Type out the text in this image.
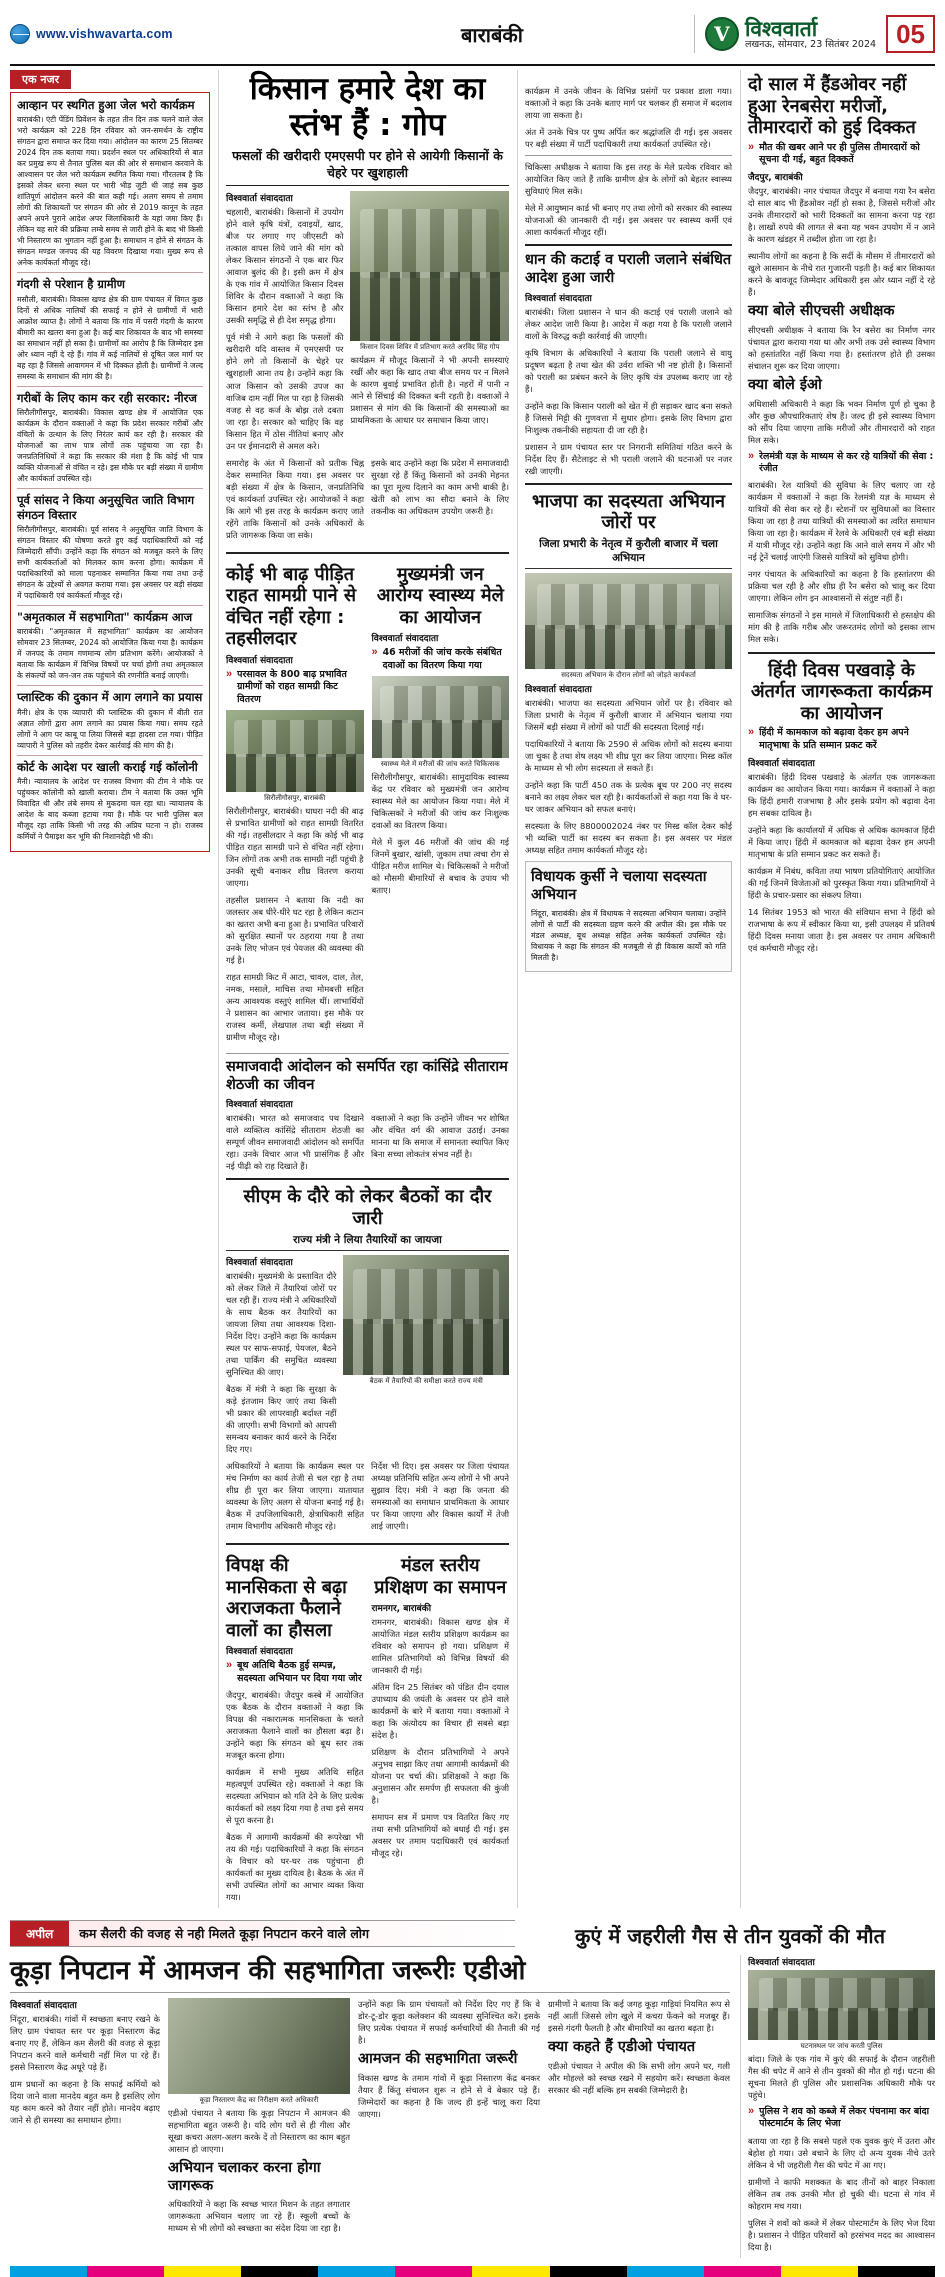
www.vishwavarta.com	बाराबंकी	V विश्ववार्ता
लखनऊ, सोमवार, 23 सितंबर 2024 05
एक नजर
आव्हान पर स्थगित हुआ जेल भरो कार्यक्रम

बाराबंकी। एंटी पेंडिंग प्रिवेंशन के तहत तीन दिन तक चलने वाले जेल भरो कार्यक्रम को 228 दिन रविवार को जन-समर्थन के राष्ट्रीय संगठन द्वारा समाप्त कर दिया गया। आंदोलन का कारण 25 सितम्बर 2024 दिन तक बताया गया। प्रदर्शन स्थल पर अधिकारियों से बात कर प्रमुख रूप से तैनात पुलिस बल की ओर से समाधान करवाने के आश्वासन पर जेल भरो कार्यक्रम स्थगित किया गया। गौरतलब है कि इसको लेकर धरना स्थल पर भारी भीड़ जुटी थी जाहं सब कुछ शांतिपूर्ण आंदोलन करने की बात कही गई। अलग समय से तमाम लोगों की शिकायतों पर संगठन की ओर से 2019 कानून के तहत अपने अपने पुराने आदेश अपर जिलाधिकारी के यहां जमा किए हैं। लेकिन यह सारे की प्रक्रिया लम्बे समय से जारी होने के बाद भी किसी भी निस्तारण का भुगतान नहीं हुआ है। समाधान न होने से संगठन के संगठन मण्डल जनपद की यह विवरण दिखाया गया। मुख्य रूप से अनेक कार्यकर्ता मौजूद रहे।

गंदगी से परेशान है ग्रामीण

मसौली, बाराबंकी। विकास खण्ड क्षेत्र की ग्राम पंचायत में विगत कुछ दिनों से अधिक नालियों की सफाई न होने से ग्रामीणों में भारी आक्रोश व्याप्त है। लोगों ने बताया कि गांव में पसरी गंदगी के कारण बीमारी का खतरा बना हुआ है। कई बार शिकायत के बाद भी समस्या का समाधान नहीं हो सका है। ग्रामीणों का आरोप है कि जिम्मेदार इस ओर ध्यान नहीं दे रहे हैं। गांव में कई नालियों से दूषित जल मार्ग पर बह रहा है जिससे आवागमन में भी दिक्कत होती है। ग्रामीणों ने जल्द समस्या के समाधान की मांग की है।

गरीबों के लिए काम कर रही सरकार: नीरज

सिरौलीगौसपुर, बाराबंकी। विकास खण्ड क्षेत्र में आयोजित एक कार्यक्रम के दौरान वक्ताओं ने कहा कि प्रदेश सरकार गरीबों और वंचितों के उत्थान के लिए निरंतर कार्य कर रही है। सरकार की योजनाओं का लाभ पात्र लोगों तक पहुंचाया जा रहा है। जनप्रतिनिधियों ने कहा कि सरकार की मंशा है कि कोई भी पात्र व्यक्ति योजनाओं से वंचित न रहे। इस मौके पर बड़ी संख्या में ग्रामीण और कार्यकर्ता उपस्थित रहे।

पूर्व सांसद ने किया अनुसूचित जाति विभाग संगठन विस्तार

सिरौलीगौसपुर, बाराबंकी। पूर्व सांसद ने अनुसूचित जाति विभाग के संगठन विस्तार की घोषणा करते हुए कई पदाधिकारियों को नई जिम्मेदारी सौंपी। उन्होंने कहा कि संगठन को मजबूत करने के लिए सभी कार्यकर्ताओं को मिलकर काम करना होगा। कार्यक्रम में पदाधिकारियों को माला पहनाकर सम्मानित किया गया तथा उन्हें संगठन के उद्देश्यों से अवगत कराया गया। इस अवसर पर बड़ी संख्या में पदाधिकारी एवं कार्यकर्ता मौजूद रहे।

"अमृतकाल में सहभागिता" कार्यक्रम आज

बाराबंकी। "अमृतकाल में सहभागिता" कार्यक्रम का आयोजन सोमवार 23 सितम्बर, 2024 को आयोजित किया गया है। कार्यक्रम में जनपद के तमाम गणमान्य लोग प्रतिभाग करेंगे। आयोजकों ने बताया कि कार्यक्रम में विभिन्न विषयों पर चर्चा होगी तथा अमृतकाल के संकल्पों को जन-जन तक पहुंचाने की रणनीति बनाई जाएगी।

प्लास्टिक की दुकान में आग लगाने का प्रयास

मैनी। क्षेत्र के एक व्यापारी की प्लास्टिक की दुकान में बीती रात अज्ञात लोगों द्वारा आग लगाने का प्रयास किया गया। समय रहते लोगों ने आग पर काबू पा लिया जिससे बड़ा हादसा टल गया। पीड़ित व्यापारी ने पुलिस को तहरीर देकर कार्रवाई की मांग की है।

कोर्ट के आदेश पर खाली कराई गई कॉलोनी

मैनी। न्यायालय के आदेश पर राजस्व विभाग की टीम ने मौके पर पहुंचकर कॉलोनी को खाली कराया। टीम ने बताया कि उक्त भूमि विवादित थी और लंबे समय से मुकदमा चल रहा था। न्यायालय के आदेश के बाद कब्जा हटाया गया है। मौके पर भारी पुलिस बल मौजूद रहा ताकि किसी भी तरह की अप्रिय घटना न हो। राजस्व कर्मियों ने पैमाइश कर भूमि की निशानदेही भी की।

किसान हमारे देश का स्तंभ हैं : गोप
फसलों की खरीदारी एमएसपी पर होने से आयेगी किसानों के चेहरे पर खुशहाली
विश्ववार्ता संवाददाता

चहलारी, बाराबंकी। किसानों में उपयोग होने वाले कृषि यंत्रों, दवाइयों, खाद, बीज पर लगाए गए जीएसटी को तत्काल वापस लिये जाने की मांग को लेकर किसान संगठनों ने एक बार फिर आवाज बुलंद की है। इसी क्रम में क्षेत्र के एक गांव में आयोजित किसान दिवस शिविर के दौरान वक्ताओं ने कहा कि किसान हमारे देश का स्तंभ है और उसकी समृद्धि से ही देश समृद्ध होगा।

पूर्व मंत्री ने आगे कहा कि फसलों की खरीदारी यदि वास्तव में एमएसपी पर होने लगे तो किसानों के चेहरे पर खुशहाली आना तय है। उन्होंने कहा कि आज किसान को उसकी उपज का वाजिब दाम नहीं मिल पा रहा है जिसकी वजह से वह कर्ज के बोझ तले दबता जा रहा है। सरकार को चाहिए कि वह किसान हित में ठोस नीतियां बनाए और उन पर ईमानदारी से अमल करे।

किसान दिवस शिविर में प्रतिभाग करते अरविंद सिंह गोप

कार्यक्रम में मौजूद किसानों ने भी अपनी समस्याएं रखीं और कहा कि खाद तथा बीज समय पर न मिलने के कारण बुवाई प्रभावित होती है। नहरों में पानी न आने से सिंचाई की दिक्कत बनी रहती है। वक्ताओं ने प्रशासन से मांग की कि किसानों की समस्याओं का प्राथमिकता के आधार पर समाधान किया जाए।

समारोह के अंत में किसानों को प्रतीक चिह्न देकर सम्मानित किया गया। इस अवसर पर बड़ी संख्या में क्षेत्र के किसान, जनप्रतिनिधि एवं कार्यकर्ता उपस्थित रहे। आयोजकों ने कहा कि आगे भी इस तरह के कार्यक्रम कराए जाते रहेंगे ताकि किसानों को उनके अधिकारों के प्रति जागरूक किया जा सके।

इसके बाद उन्होंने कहा कि प्रदेश में समाजवादी सुरक्षा रहे हैं किंतु किसानों को उनकी मेहनत का पूरा मूल्य दिलाने का काम अभी बाकी है। खेती को लाभ का सौदा बनाने के लिए तकनीक का अधिकतम उपयोग जरूरी है।

कोई भी बाढ़ पीड़ित राहत सामग्री पाने से वंचित नहीं रहेगा : तहसीलदार
विश्ववार्ता संवाददाता
» परसावल के 800 बाढ़ प्रभावित ग्रामीणों को राहत सामग्री किट वितरण
सिरौलीगौसपुर, बाराबंकी

सिरौलीगौसपुर, बाराबंकी। घाघरा नदी की बाढ़ से प्रभावित ग्रामीणों को राहत सामग्री वितरित की गई। तहसीलदार ने कहा कि कोई भी बाढ़ पीड़ित राहत सामग्री पाने से वंचित नहीं रहेगा। जिन लोगों तक अभी तक सामग्री नहीं पहुंची है उनकी सूची बनाकर शीघ्र वितरण कराया जाएगा।

तहसील प्रशासन ने बताया कि नदी का जलस्तर अब धीरे-धीरे घट रहा है लेकिन कटान का खतरा अभी बना हुआ है। प्रभावित परिवारों को सुरक्षित स्थानों पर ठहराया गया है तथा उनके लिए भोजन एवं पेयजल की व्यवस्था की गई है।

राहत सामग्री किट में आटा, चावल, दाल, तेल, नमक, मसाले, माचिस तथा मोमबत्ती सहित अन्य आवश्यक वस्तुएं शामिल थीं। लाभार्थियों ने प्रशासन का आभार जताया। इस मौके पर राजस्व कर्मी, लेखपाल तथा बड़ी संख्या में ग्रामीण मौजूद रहे।

मुख्यमंत्री जन आरोग्य स्वास्थ्य मेले का आयोजन
विश्ववार्ता संवाददाता
» 46 मरीजों की जांच करके संबंधित दवाओं का वितरण किया गया
स्वास्थ्य मेले में मरीजों की जांच करते चिकित्सक

सिरौलीगौसपुर, बाराबंकी। सामुदायिक स्वास्थ्य केंद्र पर रविवार को मुख्यमंत्री जन आरोग्य स्वास्थ्य मेले का आयोजन किया गया। मेले में चिकित्सकों ने मरीजों की जांच कर निःशुल्क दवाओं का वितरण किया।

मेले में कुल 46 मरीजों की जांच की गई जिनमें बुखार, खांसी, जुकाम तथा त्वचा रोग से पीड़ित मरीज शामिल थे। चिकित्सकों ने मरीजों को मौसमी बीमारियों से बचाव के उपाय भी बताए।

समाजवादी आंदोलन को समर्पित रहा कांसिंद्रे सीताराम शेठजी का जीवन
विश्ववार्ता संवाददाता

बाराबंकी। भारत को समाजवाद पथ दिखाने वाले व्यक्तित्व कांसिंद्रे सीताराम शेठजी का सम्पूर्ण जीवन समाजवादी आंदोलन को समर्पित रहा। उनके विचार आज भी प्रासंगिक हैं और नई पीढ़ी को राह दिखाते हैं।

वक्ताओं ने कहा कि उन्होंने जीवन भर शोषित और वंचित वर्ग की आवाज उठाई। उनका मानना था कि समाज में समानता स्थापित किए बिना सच्चा लोकतंत्र संभव नहीं है।

सीएम के दौरे को लेकर बैठकों का दौर जारी
राज्य मंत्री ने लिया तैयारियों का जायजा
विश्ववार्ता संवाददाता

बाराबंकी। मुख्यमंत्री के प्रस्तावित दौरे को लेकर जिले में तैयारियां जोरों पर चल रही हैं। राज्य मंत्री ने अधिकारियों के साथ बैठक कर तैयारियों का जायजा लिया तथा आवश्यक दिशा-निर्देश दिए। उन्होंने कहा कि कार्यक्रम स्थल पर साफ-सफाई, पेयजल, बैठने तथा पार्किंग की समुचित व्यवस्था सुनिश्चित की जाए।

बैठक में मंत्री ने कहा कि सुरक्षा के कड़े इंतजाम किए जाएं तथा किसी भी प्रकार की लापरवाही बर्दाश्त नहीं की जाएगी। सभी विभागों को आपसी समन्वय बनाकर कार्य करने के निर्देश दिए गए।

बैठक में तैयारियों की समीक्षा करते राज्य मंत्री

अधिकारियों ने बताया कि कार्यक्रम स्थल पर मंच निर्माण का कार्य तेजी से चल रहा है तथा शीघ्र ही पूरा कर लिया जाएगा। यातायात व्यवस्था के लिए अलग से योजना बनाई गई है। बैठक में उपजिलाधिकारी, क्षेत्राधिकारी सहित तमाम विभागीय अधिकारी मौजूद रहे।

निर्देश भी दिए। इस अवसर पर जिला पंचायत अध्यक्ष प्रतिनिधि सहित अन्य लोगों ने भी अपने सुझाव दिए। मंत्री ने कहा कि जनता की समस्याओं का समाधान प्राथमिकता के आधार पर किया जाएगा और विकास कार्यों में तेजी लाई जाएगी।

विपक्ष की मानसिकता से बढ़ा अराजकता फैलाने वालों का हौसला
विश्ववार्ता संवाददाता
» बूथ अतिथि बैठक हुई सम्पन्न, सदस्यता अभियान पर दिया गया जोर

जैदपुर, बाराबंकी। जैदपुर कस्बे में आयोजित एक बैठक के दौरान वक्ताओं ने कहा कि विपक्ष की नकारात्मक मानसिकता के चलते अराजकता फैलाने वालों का हौसला बढ़ा है। उन्होंने कहा कि संगठन को बूथ स्तर तक मजबूत करना होगा।

कार्यक्रम में सभी मुख्य अतिथि सहित महत्वपूर्ण उपस्थित रहे। वक्ताओं ने कहा कि सदस्यता अभियान को गति देने के लिए प्रत्येक कार्यकर्ता को लक्ष्य दिया गया है तथा इसे समय से पूरा करना है।

बैठक में आगामी कार्यक्रमों की रूपरेखा भी तय की गई। पदाधिकारियों ने कहा कि संगठन के विचार को घर-घर तक पहुंचाना ही कार्यकर्ता का मुख्य दायित्व है। बैठक के अंत में सभी उपस्थित लोगों का आभार व्यक्त किया गया।

मंडल स्तरीय प्रशिक्षण का समापन
रामनगर, बाराबंकी

रामनगर, बाराबंकी। विकास खण्ड क्षेत्र में आयोजित मंडल स्तरीय प्रशिक्षण कार्यक्रम का रविवार को समापन हो गया। प्रशिक्षण में शामिल प्रतिभागियों को विभिन्न विषयों की जानकारी दी गई।

अंतिम दिन 25 सितंबर को पंडित दीन दयाल उपाध्याय की जयंती के अवसर पर होने वाले कार्यक्रमों के बारे में बताया गया। वक्ताओं ने कहा कि अंत्योदय का विचार ही सबसे बड़ा संदेश है।

प्रशिक्षण के दौरान प्रतिभागियों ने अपने अनुभव साझा किए तथा आगामी कार्यक्रमों की योजना पर चर्चा की। प्रशिक्षकों ने कहा कि अनुशासन और समर्पण ही सफलता की कुंजी है।

समापन सत्र में प्रमाण पत्र वितरित किए गए तथा सभी प्रतिभागियों को बधाई दी गई। इस अवसर पर तमाम पदाधिकारी एवं कार्यकर्ता मौजूद रहे।

कार्यक्रम में उनके जीवन के विभिन्न प्रसंगों पर प्रकाश डाला गया। वक्ताओं ने कहा कि उनके बताए मार्ग पर चलकर ही समाज में बदलाव लाया जा सकता है।

अंत में उनके चित्र पर पुष्प अर्पित कर श्रद्धांजलि दी गई। इस अवसर पर बड़ी संख्या में पार्टी पदाधिकारी तथा कार्यकर्ता उपस्थित रहे।

चिकित्सा अधीक्षक ने बताया कि इस तरह के मेले प्रत्येक रविवार को आयोजित किए जाते हैं ताकि ग्रामीण क्षेत्र के लोगों को बेहतर स्वास्थ्य सुविधाएं मिल सकें।

मेले में आयुष्मान कार्ड भी बनाए गए तथा लोगों को सरकार की स्वास्थ्य योजनाओं की जानकारी दी गई। इस अवसर पर स्वास्थ्य कर्मी एवं आशा कार्यकर्ता मौजूद रहीं।

धान की कटाई व पराली जलाने संबंधित आदेश हुआ जारी
विश्ववार्ता संवाददाता

बाराबंकी। जिला प्रशासन ने धान की कटाई एवं पराली जलाने को लेकर आदेश जारी किया है। आदेश में कहा गया है कि पराली जलाने वालों के विरुद्ध कड़ी कार्रवाई की जाएगी।

कृषि विभाग के अधिकारियों ने बताया कि पराली जलाने से वायु प्रदूषण बढ़ता है तथा खेत की उर्वरा शक्ति भी नष्ट होती है। किसानों को पराली का प्रबंधन करने के लिए कृषि यंत्र उपलब्ध कराए जा रहे हैं।

उन्होंने कहा कि किसान पराली को खेत में ही सड़ाकर खाद बना सकते हैं जिससे मिट्टी की गुणवत्ता में सुधार होगा। इसके लिए विभाग द्वारा निःशुल्क तकनीकी सहायता दी जा रही है।

प्रशासन ने ग्राम पंचायत स्तर पर निगरानी समितियां गठित करने के निर्देश दिए हैं। सैटेलाइट से भी पराली जलाने की घटनाओं पर नजर रखी जाएगी।

भाजपा का सदस्यता अभियान जोरों पर
जिला प्रभारी के नेतृत्व में कुरौली बाजार में चला अभियान
सदस्यता अभियान के दौरान लोगों को जोड़ते कार्यकर्ता
विश्ववार्ता संवाददाता

बाराबंकी। भाजपा का सदस्यता अभियान जोरों पर है। रविवार को जिला प्रभारी के नेतृत्व में कुरौली बाजार में अभियान चलाया गया जिसमें बड़ी संख्या में लोगों को पार्टी की सदस्यता दिलाई गई।

पदाधिकारियों ने बताया कि 2590 से अधिक लोगों को सदस्य बनाया जा चुका है तथा शेष लक्ष्य भी शीघ्र पूरा कर लिया जाएगा। मिस्ड कॉल के माध्यम से भी लोग सदस्यता ले सकते हैं।

उन्होंने कहा कि पार्टी 450 तक के प्रत्येक बूथ पर 200 नए सदस्य बनाने का लक्ष्य लेकर चल रही है। कार्यकर्ताओं से कहा गया कि वे घर-घर जाकर अभियान को सफल बनाएं।

सदस्यता के लिए 8800002024 नंबर पर मिस्ड कॉल देकर कोई भी व्यक्ति पार्टी का सदस्य बन सकता है। इस अवसर पर मंडल अध्यक्ष सहित तमाम कार्यकर्ता मौजूद रहे।

विधायक कुर्सी ने चलाया सदस्यता अभियान

निंदूरा, बाराबंकी। क्षेत्र में विधायक ने सदस्यता अभियान चलाया। उन्होंने लोगों से पार्टी की सदस्यता ग्रहण करने की अपील की। इस मौके पर मंडल अध्यक्ष, बूथ अध्यक्ष सहित अनेक कार्यकर्ता उपस्थित रहे। विधायक ने कहा कि संगठन की मजबूती से ही विकास कार्यों को गति मिलती है।

दो साल में हैंडओवर नहीं हुआ रेनबसेरा मरीजों, तीमारदारों को हुई दिक्कत
» मौत की खबर आने पर ही पुलिस तीमारदारों को सूचना दी गई, बहुत दिक्कतें
जैदपुर, बाराबंकी

जैदपुर, बाराबंकी। नगर पंचायत जैदपुर में बनाया गया रैन बसेरा दो साल बाद भी हैंडओवर नहीं हो सका है, जिससे मरीजों और उनके तीमारदारों को भारी दिक्कतों का सामना करना पड़ रहा है। लाखों रुपये की लागत से बना यह भवन उपयोग में न आने के कारण खंडहर में तब्दील होता जा रहा है।

स्थानीय लोगों का कहना है कि सर्दी के मौसम में तीमारदारों को खुले आसमान के नीचे रात गुजारनी पड़ती है। कई बार शिकायत करने के बावजूद जिम्मेदार अधिकारी इस ओर ध्यान नहीं दे रहे हैं।

क्या बोले सीएचसी अधीक्षक

सीएचसी अधीक्षक ने बताया कि रैन बसेरा का निर्माण नगर पंचायत द्वारा कराया गया था और अभी तक उसे स्वास्थ्य विभाग को हस्तांतरित नहीं किया गया है। हस्तांतरण होते ही उसका संचालन शुरू कर दिया जाएगा।

क्या बोले ईओ

अधिशासी अधिकारी ने कहा कि भवन निर्माण पूर्ण हो चुका है और कुछ औपचारिकताएं शेष हैं। जल्द ही इसे स्वास्थ्य विभाग को सौंप दिया जाएगा ताकि मरीजों और तीमारदारों को राहत मिल सके।

» रेलमंत्री यज्ञ के माध्यम से कर रहे यात्रियों की सेवा : रंजीत

बाराबंकी। रेल यात्रियों की सुविधा के लिए चलाए जा रहे कार्यक्रम में वक्ताओं ने कहा कि रेलमंत्री यज्ञ के माध्यम से यात्रियों की सेवा कर रहे हैं। स्टेशनों पर सुविधाओं का विस्तार किया जा रहा है तथा यात्रियों की समस्याओं का त्वरित समाधान किया जा रहा है। कार्यक्रम में रेलवे के अधिकारी एवं बड़ी संख्या में यात्री मौजूद रहे। उन्होंने कहा कि आने वाले समय में और भी नई ट्रेनें चलाई जाएंगी जिससे यात्रियों को सुविधा होगी।

नगर पंचायत के अधिकारियों का कहना है कि हस्तांतरण की प्रक्रिया चल रही है और शीघ्र ही रैन बसेरा को चालू कर दिया जाएगा। लेकिन लोग इन आश्वासनों से संतुष्ट नहीं हैं।

सामाजिक संगठनों ने इस मामले में जिलाधिकारी से हस्तक्षेप की मांग की है ताकि गरीब और जरूरतमंद लोगों को इसका लाभ मिल सके।

हिंदी दिवस पखवाड़े के अंतर्गत जागरूकता कार्यक्रम का आयोजन
» हिंदी में कामकाज को बढ़ावा देकर हम अपने मातृभाषा के प्रति सम्मान प्रकट करें
विश्ववार्ता संवाददाता

बाराबंकी। हिंदी दिवस पखवाड़े के अंतर्गत एक जागरूकता कार्यक्रम का आयोजन किया गया। कार्यक्रम में वक्ताओं ने कहा कि हिंदी हमारी राजभाषा है और इसके प्रयोग को बढ़ावा देना हम सबका दायित्व है।

उन्होंने कहा कि कार्यालयों में अधिक से अधिक कामकाज हिंदी में किया जाए। हिंदी में कामकाज को बढ़ावा देकर हम अपनी मातृभाषा के प्रति सम्मान प्रकट कर सकते हैं।

कार्यक्रम में निबंध, कविता तथा भाषण प्रतियोगिताएं आयोजित की गईं जिनमें विजेताओं को पुरस्कृत किया गया। प्रतिभागियों ने हिंदी के प्रचार-प्रसार का संकल्प लिया।

14 सितंबर 1953 को भारत की संविधान सभा ने हिंदी को राजभाषा के रूप में स्वीकार किया था, इसी उपलक्ष्य में प्रतिवर्ष हिंदी दिवस मनाया जाता है। इस अवसर पर तमाम अधिकारी एवं कर्मचारी मौजूद रहे।

अपील	कम सैलरी की वजह से नही मिलते कूड़ा निपटान करने वाले लोग	कुएं में जहरीली गैस से तीन युवकों की मौत
कूड़ा निपटान में आमजन की सहभागिता जरूरीः एडीओ
विश्ववार्ता संवाददाता

निंदूरा, बाराबंकी। गांवों में स्वच्छता बनाए रखने के लिए ग्राम पंचायत स्तर पर कूड़ा निस्तारण केंद्र बनाए गए हैं, लेकिन कम सैलरी की वजह से कूड़ा निपटान करने वाले कर्मचारी नहीं मिल पा रहे हैं। इससे निस्तारण केंद्र अधूरे पड़े हैं।

ग्राम प्रधानों का कहना है कि सफाई कर्मियों को दिया जाने वाला मानदेय बहुत कम है इसलिए लोग यह काम करने को तैयार नहीं होते। मानदेय बढ़ाए जाने से ही समस्या का समाधान होगा।

कूड़ा निस्तारण केंद्र का निरीक्षण करते अधिकारी

एडीओ पंचायत ने बताया कि कूड़ा निपटान में आमजन की सहभागिता बहुत जरूरी है। यदि लोग घरों से ही गीला और सूखा कचरा अलग-अलग करके दें तो निस्तारण का काम बहुत आसान हो जाएगा।

अभियान चलाकर करना होगा जागरूक

अधिकारियों ने कहा कि स्वच्छ भारत मिशन के तहत लगातार जागरूकता अभियान चलाए जा रहे हैं। स्कूली बच्चों के माध्यम से भी लोगों को स्वच्छता का संदेश दिया जा रहा है।

उन्होंने कहा कि ग्राम पंचायतों को निर्देश दिए गए हैं कि वे डोर-टू-डोर कूड़ा कलेक्शन की व्यवस्था सुनिश्चित करें। इसके लिए प्रत्येक पंचायत में सफाई कर्मचारियों की तैनाती की गई है।

आमजन की सहभागिता जरूरी

विकास खण्ड के तमाम गांवों में कूड़ा निस्तारण केंद्र बनकर तैयार हैं किंतु संचालन शुरू न होने से वे बेकार पड़े हैं। जिम्मेदारों का कहना है कि जल्द ही इन्हें चालू करा दिया जाएगा।

ग्रामीणों ने बताया कि कई जगह कूड़ा गाड़ियां नियमित रूप से नहीं आतीं जिससे लोग खुले में कचरा फेंकने को मजबूर हैं। इससे गंदगी फैलती है और बीमारियों का खतरा बढ़ता है।

क्या कहते हैं एडीओ पंचायत

एडीओ पंचायत ने अपील की कि सभी लोग अपने घर, गली और मोहल्ले को स्वच्छ रखने में सहयोग करें। स्वच्छता केवल सरकार की नहीं बल्कि हम सबकी जिम्मेदारी है।

विश्ववार्ता संवाददाता
घटनास्थल पर जांच करती पुलिस

बांदा। जिले के एक गांव में कुएं की सफाई के दौरान जहरीली गैस की चपेट में आने से तीन युवकों की मौत हो गई। घटना की सूचना मिलते ही पुलिस और प्रशासनिक अधिकारी मौके पर पहुंचे।

» पुलिस ने शव को कब्जे में लेकर पंचनामा कर बांदा पोस्टमार्टम के लिए भेजा

बताया जा रहा है कि सबसे पहले एक युवक कुएं में उतरा और बेहोश हो गया। उसे बचाने के लिए दो अन्य युवक नीचे उतरे लेकिन वे भी जहरीली गैस की चपेट में आ गए।

ग्रामीणों ने काफी मशक्कत के बाद तीनों को बाहर निकाला लेकिन तब तक उनकी मौत हो चुकी थी। घटना से गांव में कोहराम मच गया।

पुलिस ने शवों को कब्जे में लेकर पोस्टमार्टम के लिए भेज दिया है। प्रशासन ने पीड़ित परिवारों को हरसंभव मदद का आश्वासन दिया है।
